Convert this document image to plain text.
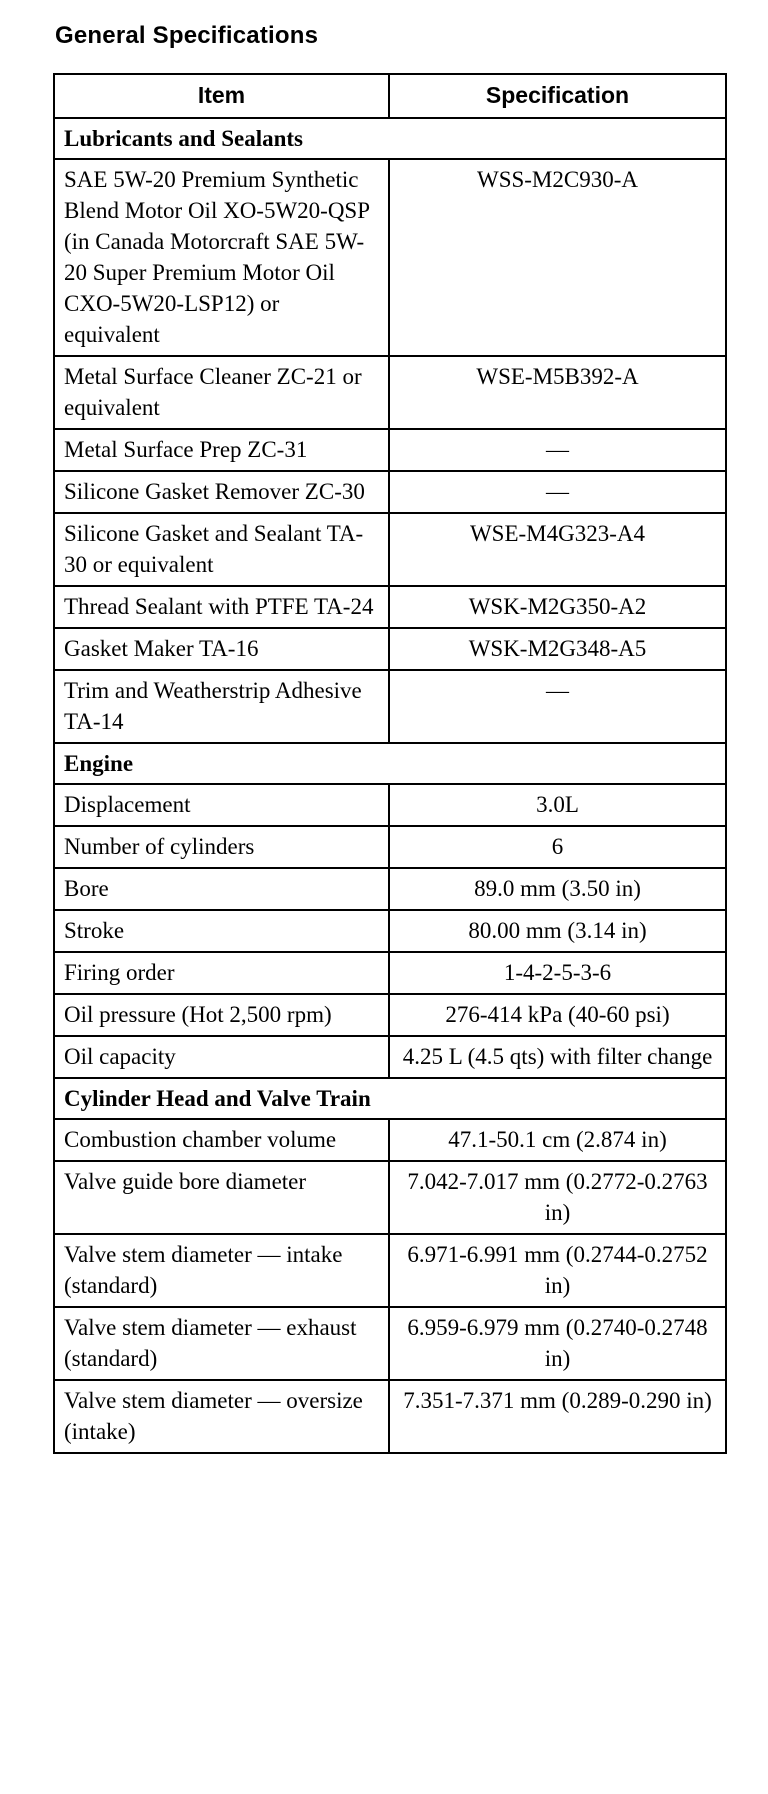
General Specifications
Item	Specification
Lubricants and Sealants	
SAE 5W-20 Premium Synthetic Blend Motor Oil XO-5W20-QSP (in Canada Motorcraft SAE 5W-20 Super Premium Motor Oil CXO-5W20-LSP12) or equivalent	WSS-M2C930-A
Metal Surface Cleaner ZC-21 or equivalent	WSE-M5B392-A
Metal Surface Prep ZC-31	—
Silicone Gasket Remover ZC-30	—
Silicone Gasket and Sealant TA-30 or equivalent	WSE-M4G323-A4
Thread Sealant with PTFE TA-24	WSK-M2G350-A2
Gasket Maker TA-16	WSK-M2G348-A5
Trim and Weatherstrip Adhesive TA-14	—
Engine	
Displacement	3.0L
Number of cylinders	6
Bore	89.0 mm (3.50 in)
Stroke	80.00 mm (3.14 in)
Firing order	1-4-2-5-3-6
Oil pressure (Hot 2,500 rpm)	276-414 kPa (40-60 psi)
Oil capacity	4.25 L (4.5 qts) with filter change
Cylinder Head and Valve Train	
Combustion chamber volume	47.1-50.1 cm (2.874 in)
Valve guide bore diameter	7.042-7.017 mm (0.2772-0.2763 in)
Valve stem diameter — intake (standard)	6.971-6.991 mm (0.2744-0.2752 in)
Valve stem diameter — exhaust (standard)	6.959-6.979 mm (0.2740-0.2748 in)
Valve stem diameter — oversize (intake)	7.351-7.371 mm (0.289-0.290 in)
